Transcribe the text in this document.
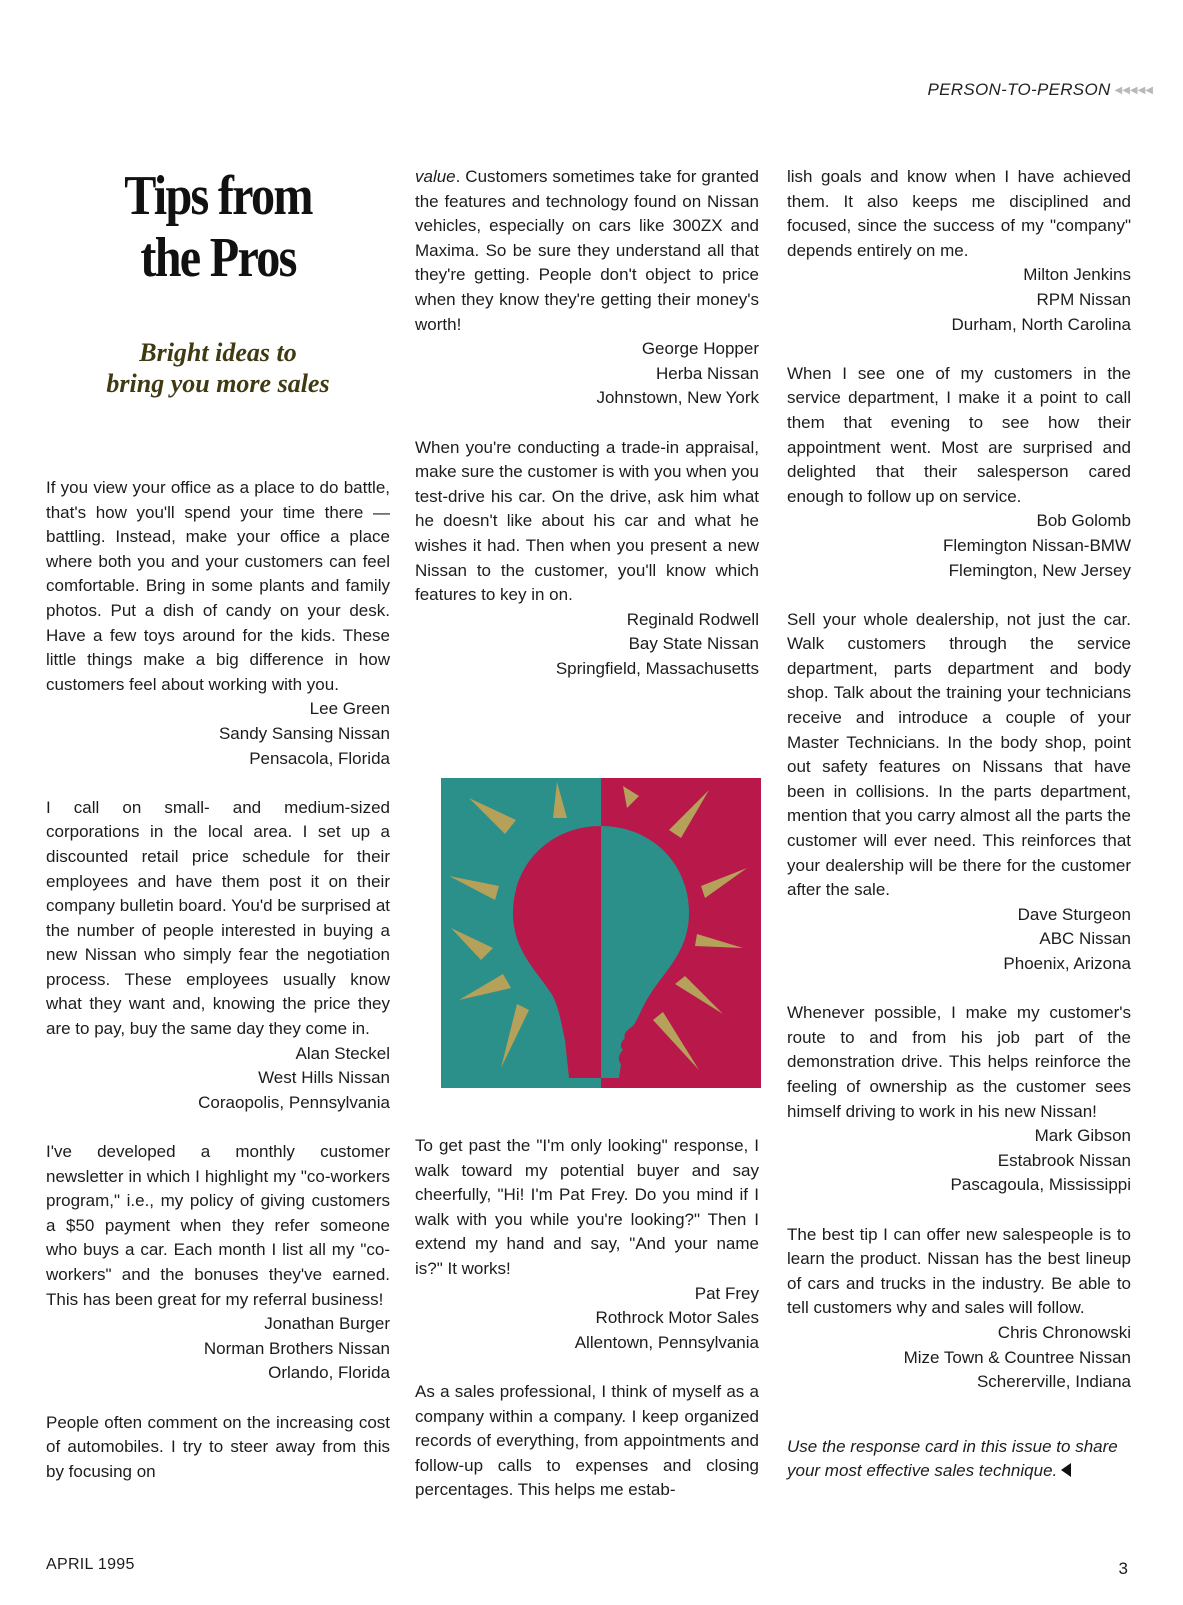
PERSON-TO-PERSON ◀◀◀◀◀
Tips from
the Pros
Bright ideas to
bring you more sales

If you view your office as a place to do battle, that's how you'll spend your time there — battling. Instead, make your office a place where both you and your customers can feel comfortable. Bring in some plants and family photos. Put a dish of candy on your desk. Have a few toys around for the kids. These little things make a big difference in how customers feel about working with you.

Lee Green
Sandy Sansing Nissan
Pensacola, Florida

I call on small- and medium-sized corporations in the local area. I set up a discounted retail price schedule for their employees and have them post it on their company bulletin board. You'd be surprised at the number of people interested in buying a new Nissan who simply fear the negotiation process. These employees usually know what they want and, knowing the price they are to pay, buy the same day they come in.

Alan Steckel
West Hills Nissan
Coraopolis, Pennsylvania

I've developed a monthly customer newsletter in which I highlight my "co-workers program," i.e., my policy of giving customers a $50 payment when they refer someone who buys a car. Each month I list all my "co-workers" and the bonuses they've earned. This has been great for my referral business!

Jonathan Burger
Norman Brothers Nissan
Orlando, Florida

People often comment on the increasing cost of automobiles. I try to steer away from this by focusing on

value. Customers sometimes take for granted the features and technology found on Nissan vehicles, especially on cars like 300ZX and Maxima. So be sure they understand all that they're getting. People don't object to price when they know they're getting their money's worth!

George Hopper
Herba Nissan
Johnstown, New York

When you're conducting a trade-in appraisal, make sure the customer is with you when you test-drive his car. On the drive, ask him what he doesn't like about his car and what he wishes it had. Then when you present a new Nissan to the customer, you'll know which features to key in on.

Reginald Rodwell
Bay State Nissan
Springfield, Massachusetts

To get past the "I'm only looking" response, I walk toward my potential buyer and say cheerfully, "Hi! I'm Pat Frey. Do you mind if I walk with you while you're looking?" Then I extend my hand and say, "And your name is?" It works!

Pat Frey
Rothrock Motor Sales
Allentown, Pennsylvania

As a sales professional, I think of myself as a company within a company. I keep organized records of everything, from appointments and follow-up calls to expenses and closing percentages. This helps me estab-

lish goals and know when I have achieved them. It also keeps me disciplined and focused, since the success of my "company" depends entirely on me.

Milton Jenkins
RPM Nissan
Durham, North Carolina

When I see one of my customers in the service department, I make it a point to call them that evening to see how their appointment went. Most are surprised and delighted that their salesperson cared enough to follow up on service.

Bob Golomb
Flemington Nissan-BMW
Flemington, New Jersey

Sell your whole dealership, not just the car. Walk customers through the service department, parts department and body shop. Talk about the training your technicians receive and introduce a couple of your Master Technicians. In the body shop, point out safety features on Nissans that have been in collisions. In the parts department, mention that you carry almost all the parts the customer will ever need. This reinforces that your dealership will be there for the customer after the sale.

Dave Sturgeon
ABC Nissan
Phoenix, Arizona

Whenever possible, I make my customer's route to and from his job part of the demonstration drive. This helps reinforce the feeling of ownership as the customer sees himself driving to work in his new Nissan!

Mark Gibson
Estabrook Nissan
Pascagoula, Mississippi

The best tip I can offer new salespeople is to learn the product. Nissan has the best lineup of cars and trucks in the industry. Be able to tell customers why and sales will follow.

Chris Chronowski
Mize Town & Countree Nissan
Schererville, Indiana

Use the response card in this issue to share your most effective sales technique.

APRIL 1995	3
